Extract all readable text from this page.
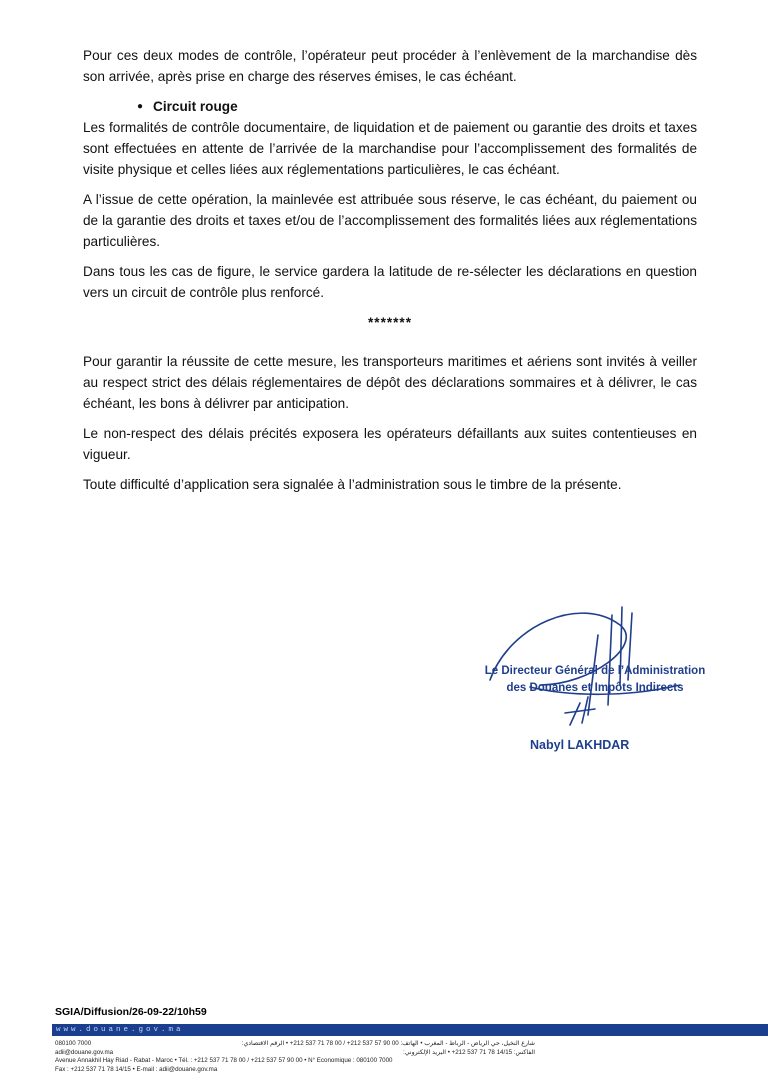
Pour ces deux modes de contrôle, l’opérateur peut procéder à l’enlèvement de la marchandise dès son arrivée, après prise en charge des réserves émises, le cas échéant.

● Circuit rouge

Les formalités de contrôle documentaire, de liquidation et de paiement ou garantie des droits et taxes sont effectuées en attente de l’arrivée de la marchandise pour l’accomplissement des formalités de visite physique et celles liées aux réglementations particulières, le cas échéant.

A l’issue de cette opération, la mainlevée est attribuée sous réserve, le cas échéant, du paiement ou de la garantie des droits et taxes et/ou de l’accomplissement des formalités liées aux réglementations particulières.

Dans tous les cas de figure, le service gardera la latitude de re-sélecter les déclarations en question vers un circuit de contrôle plus renforcé.

*******

Pour garantir la réussite de cette mesure, les transporteurs maritimes et aériens sont invités à veiller au respect strict des délais réglementaires de dépôt des déclarations sommaires et à délivrer, le cas échéant, les bons à délivrer par anticipation.

Le non-respect des délais précités exposera les opérateurs défaillants aux suites contentieuses en vigueur.

Toute difficulté d’application sera signalée à l’administration sous le timbre de la présente.

Le Directeur Général de l’Administration
des Douanes et Impôts Indirects
Nabyl LAKHDAR
SGIA/Diffusion/26-09-22/10h59
www.douane.gov.ma
080100 7000	شارع النخيل، حي الرياض - الرباط - المغرب • الهاتف: 00 90 57 537 212+ / 00 78 71 537 212+ • الرقم الاقتصادي:
adii@douane.gov.ma	الفاكس: 14/15 78 71 537 212+ • البريد الإلكتروني:
Avenue Annakhil Hay Riad - Rabat - Maroc • Tél. : +212 537 71 78 00 / +212 537 57 90 00 • N° Economique : 080100 7000
Fax : +212 537 71 78 14/15 • E-mail : adii@douane.gov.ma
